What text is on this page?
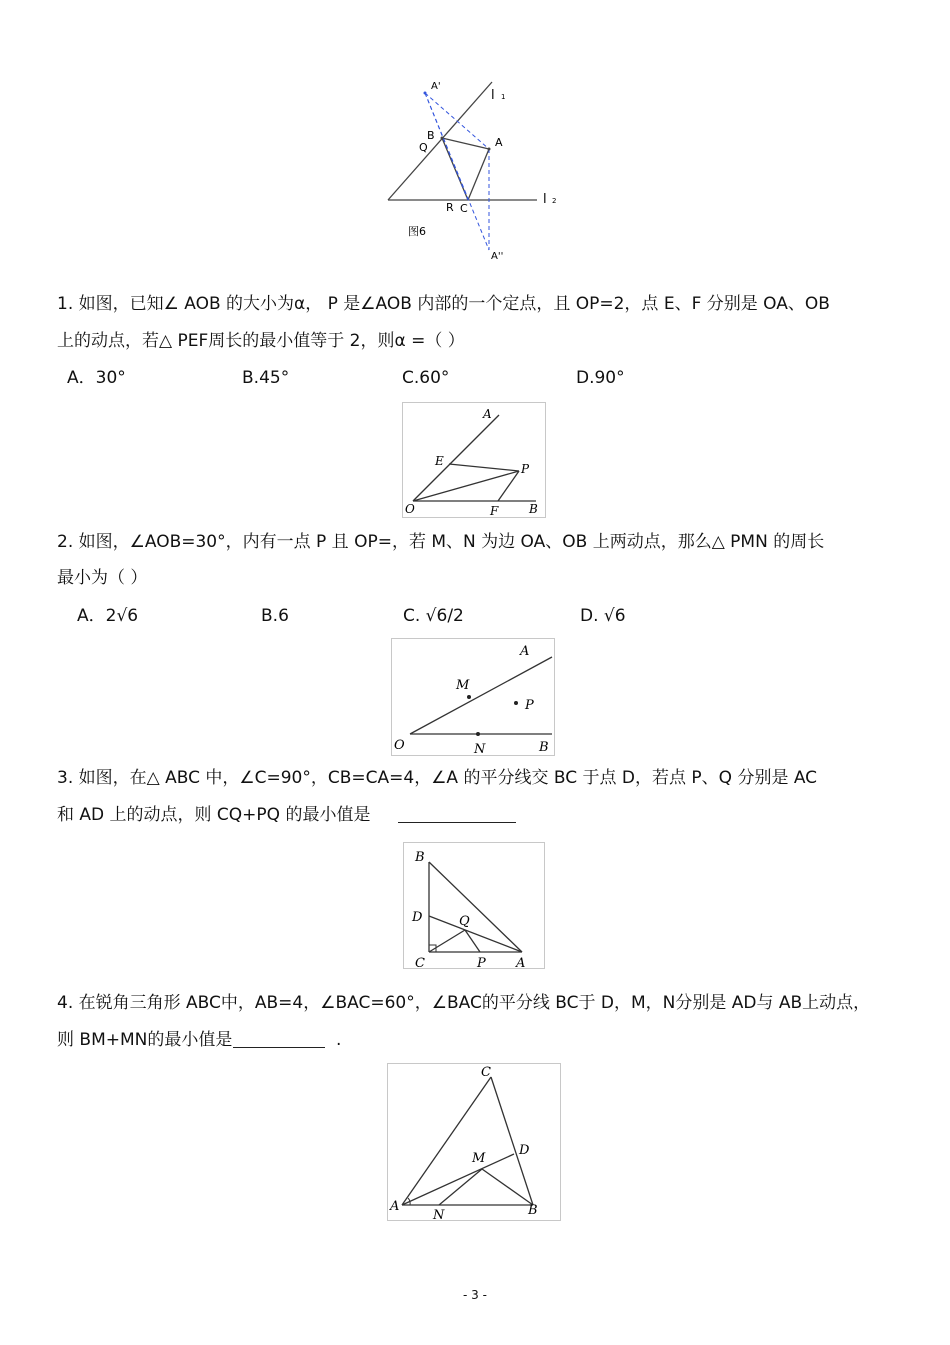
A'
l 1
B
Q	A
l 2
R C
A''
图6
1. 如图，已知∠ AOB 的大小为α， P 是∠AOB 内部的一个定点，且 OP=2，点 E、F 分别是 OA、OB
上的动点，若△ PEF周长的最小值等于 2，则α =（ ）
A．30°	B.45°	C.60°	D.90°
A
E
P
O	F	B
2. 如图，∠AOB=30°，内有一点 P 且 OP=，若 M、N 为边 OA、OB 上两动点，那么△ PMN 的周长
最小为（ ）
A．2√6	B.6	C. √6/2	D. √6
A
M
P
O	N	B
3. 如图，在△ ABC 中，∠C=90°，CB=CA=4，∠A 的平分线交 BC 于点 D，若点 P、Q 分别是 AC
和 AD 上的动点，则 CQ+PQ 的最小值是
B
D	Q
C	P A
4. 在锐角三角形 ABC中，AB=4，∠BAC=60°，∠BAC的平分线 BC于 D，M，N分别是 AD与 AB上动点，
则 BM+MN的最小值是	.
C
D
M
A
N	B
- 3 -
